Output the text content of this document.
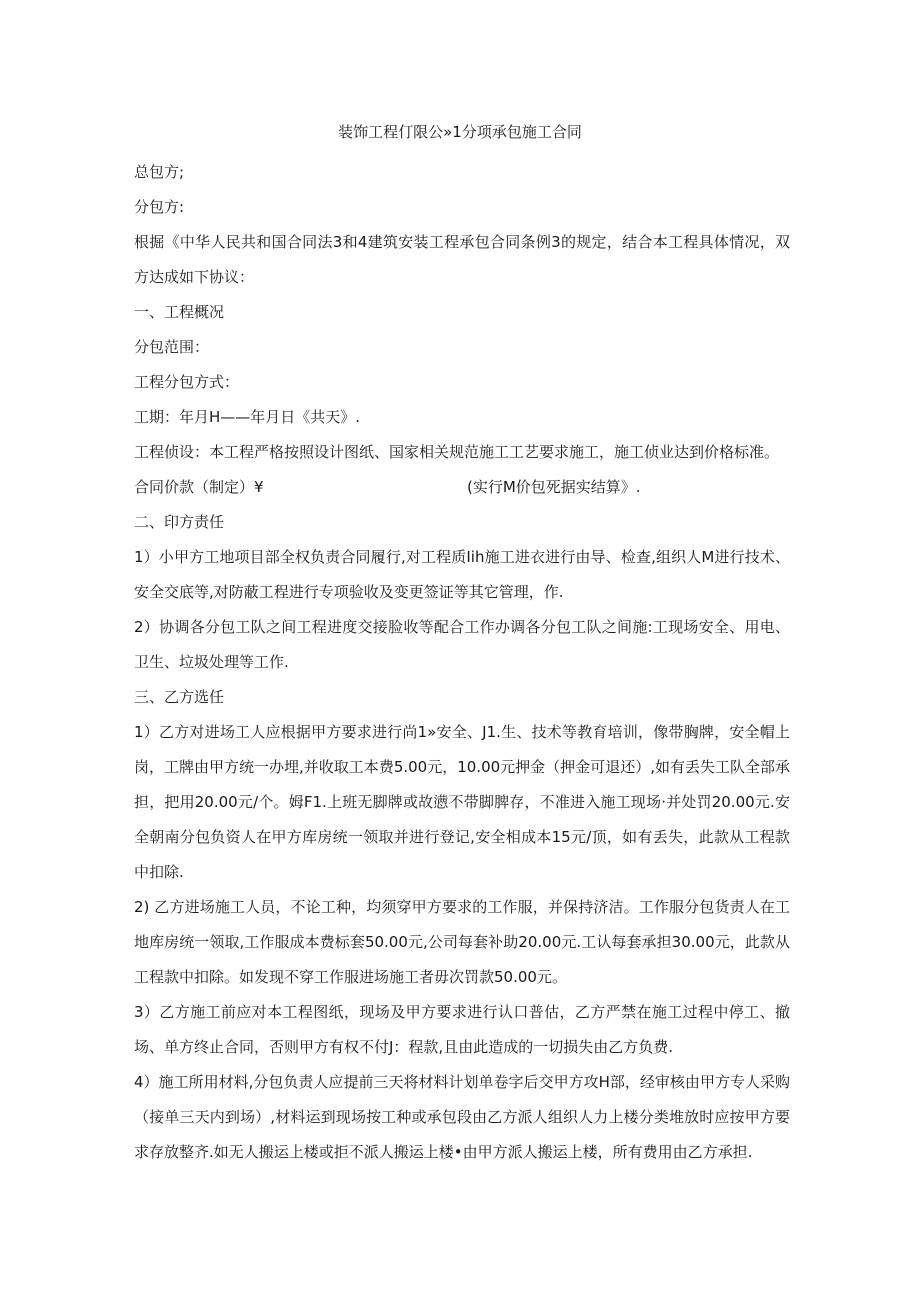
装饰工程仃限公»1分项承包施工合同

总包方;

分包方:

根掘《中华人民共和国合同法3和4建筑安装工程承包合同条例3的规定，结合本工程具体情况，双方达成如下协议：

一、工程概况

分包范围：

工程分包方式：

工期：年月H——年月日《共天》.

工程侦设：本工程严格按照设计图纸、国家相关规范施工工艺要求施工，施工侦业达到价格标准。

合同价款（制定）¥	(实行M价包死据实结算》.

二、印方责任

1）小甲方工地项目部全权负责合同履行,对工程质Iih施工进衣进行由导、检查,组织人M进行技术、安全交底等,对防蔽工程进行专项验收及变更签证等其它管理，作.

2）协调各分包工队之间工程进度交接脸收等配合工作办调各分包工队之间施:工现场安全、用电、卫生、垃圾处理等工作.

三、乙方选任

1）乙方对进场工人应根据甲方要求进行尚1»安全、J1.生、技术等教育培训，像带胸牌，安全帽上岗，工牌由甲方统一办埋,并收取工本费5.00元，10.00元押金（押金可退还）,如有丢失工队全部承担，把用20.00元/个。姆F1.上班无脚牌或故懑不带脚脾存，不准进入施工现场·并处罚20.00元.安全朝南分包负资人在甲方库房统一领取并进行登记,安全相成本15元/顶，如有丢失，此款从工程款中扣除.

2) 乙方进场施工人员，不论工种，均须穿甲方要求的工作服，并保持济洁。工作服分包货责人在工地库房统一领取,工作服成本费标套50.00元,公司每套补助20.00元.工认每套承担30.00元，此款从工程款中扣除。如发现不穿工作服进场施工者毋次罚款50.00元。

3）乙方施工前应对本工程图纸，现场及甲方要求进行认口普估，乙方严禁在施工过程中停工、撤场、单方终止合同，否则甲方有权不付J：程款,且由此造成的一切损失由乙方负费.

4）施工所用材料,分包负责人应提前三天将材料计划单卷字后交甲方攻H部，经审核由甲方专人采购（接单三天内到场）,材料运到现场按工种或承包段由乙方派人组织人力上楼分类堆放时应按甲方要求存放整齐.如无人搬运上楼或拒不派人搬运上楼•由甲方派人搬运上楼，所有费用由乙方承担.
